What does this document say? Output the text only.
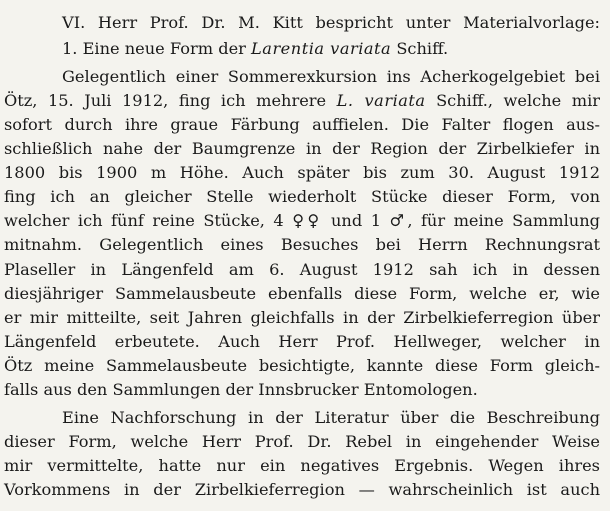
VI. Herr Prof. Dr. M. Kitt bespricht unter Materialvorlage:
1. Eine neue Form der Larentia variata Schiff.
Gelegentlich einer Sommerexkursion ins Acherkogelgebiet bei
Ötz, 15. Juli 1912, fing ich mehrere L. variata Schiff., welche mir
sofort durch ihre graue Färbung auffielen. Die Falter flogen aus-
schließlich nahe der Baumgrenze in der Region der Zirbelkiefer in
1800 bis 1900 m Höhe. Auch später bis zum 30. August 1912
fing ich an gleicher Stelle wiederholt Stücke dieser Form, von
welcher ich fünf reine Stücke, 4 ♀♀ und 1 ♂, für meine Sammlung
mitnahm. Gelegentlich eines Besuches bei Herrn Rechnungsrat
Plaseller in Längenfeld am 6. August 1912 sah ich in dessen
diesjähriger Sammelausbeute ebenfalls diese Form, welche er, wie
er mir mitteilte, seit Jahren gleichfalls in der Zirbelkieferregion über
Längenfeld erbeutete. Auch Herr Prof. Hellweger, welcher in
Ötz meine Sammelausbeute besichtigte, kannte diese Form gleich-
falls aus den Sammlungen der Innsbrucker Entomologen.
Eine Nachforschung in der Literatur über die Beschreibung
dieser Form, welche Herr Prof. Dr. Rebel in eingehender Weise
mir vermittelte, hatte nur ein negatives Ergebnis. Wegen ihres
Vorkommens in der Zirbelkieferregion — wahrscheinlich ist auch
